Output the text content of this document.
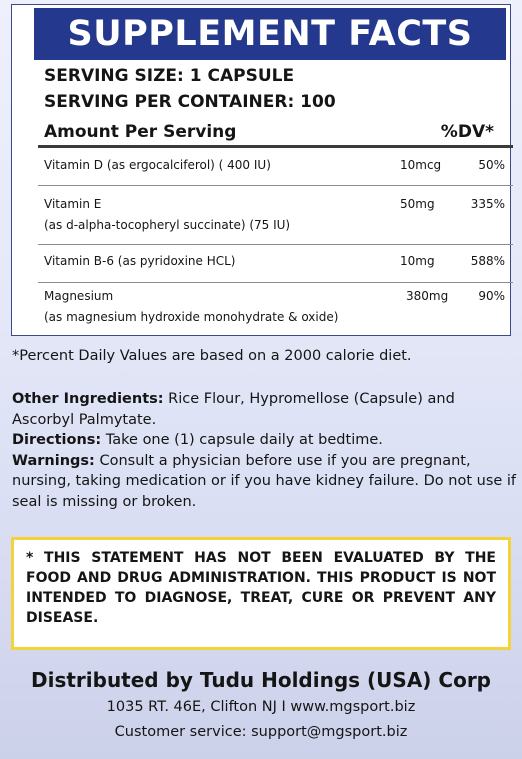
SUPPLEMENT FACTS
SERVING SIZE: 1 CAPSULE
SERVING PER CONTAINER: 100
Amount Per Serving	%DV*
Vitamin D (as ergocalciferol) ( 400 IU)	10mcg	50%
Vitamin E	50mg	335%
(as d-alpha-tocopheryl succinate) (75 IU)
Vitamin B-6 (as pyridoxine HCL)	10mg	588%
Magnesium	380mg	90%
(as magnesium hydroxide monohydrate & oxide)
*Percent Daily Values are based on a 2000 calorie diet.

Other Ingredients: Rice Flour, Hypromellose (Capsule) and Ascorbyl Palmytate.

Directions: Take one (1) capsule daily at bedtime.

Warnings: Consult a physician before use if you are pregnant, nursing, taking medication or if you have kidney failure. Do not use if seal is missing or broken.

* THIS STATEMENT HAS NOT BEEN EVALUATED BY THE FOOD AND DRUG ADMINISTRATION. THIS PRODUCT IS NOT INTENDED TO DIAGNOSE, TREAT, CURE OR PREVENT ANY DISEASE.
Distributed by Tudu Holdings (USA) Corp
1035 RT. 46E, Clifton NJ I www.mgsport.biz
Customer service: support@mgsport.biz
